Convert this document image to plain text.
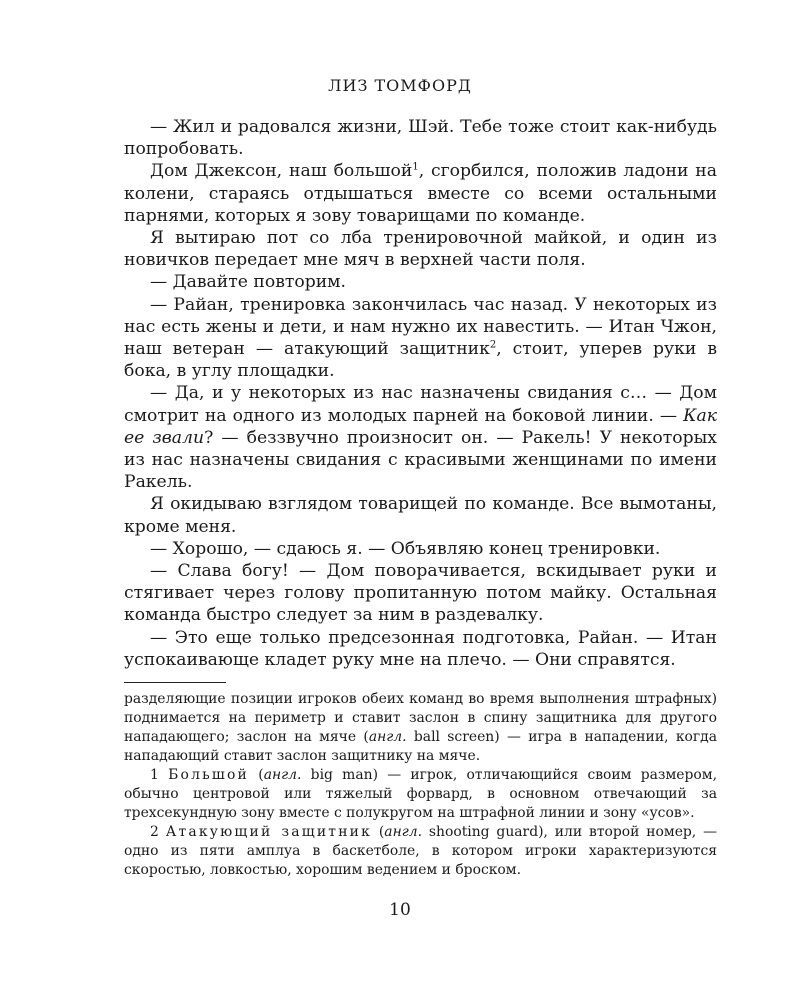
ЛИЗ ТОМФОРД

— Жил и радовался жизни, Шэй. Тебе тоже стоит как-нибудь попробовать.

Дом Джексон, наш большой$^1$, сгорбился, положив ладони на колени, стараясь отдышаться вместе со всеми остальными парнями, которых я зову товарищами по команде.

Я вытираю пот со лба тренировочной майкой, и один из новичков передает мне мяч в верхней части поля.

— Давайте повторим.

— Райан, тренировка закончилась час назад. У некоторых из нас есть жены и дети, и нам нужно их навестить. — Итан Чжон, наш ветеран — атакующий защитник$^2$, стоит, уперев руки в бока, в углу площадки.

— Да, и у некоторых из нас назначены свидания с… — Дом смотрит на одного из молодых парней на боковой линии. — Как ее звали? — беззвучно произносит он. — Ракель! У некоторых из нас назначены свидания с красивыми женщинами по имени Ракель.

Я окидываю взглядом товарищей по команде. Все вымотаны, кроме меня.

— Хорошо, — сдаюсь я. — Объявляю конец тренировки.

— Слава богу! — Дом поворачивается, вскидывает руки и стягивает через голову пропитанную потом майку. Остальная команда быстро следует за ним в раздевалку.

— Это еще только предсезонная подготовка, Райан. — Итан успокаивающе кладет руку мне на плечо. — Они справятся.

разделяющие позиции игроков обеих команд во время выполнения штрафных) поднимается на периметр и ставит заслон в спину защитника для другого нападающего; заслон на мяче (англ. ball screen) — игра в нападении, когда нападающий ставит заслон защитнику на мяче.

1 Большой (англ. big man) — игрок, отличающийся своим размером, обычно центровой или тяжелый форвард, в основном отвечающий за трехсекундную зону вместе с полукругом на штрафной линии и зону «усов».

2 Атакующий защитник (англ. shooting guard), или второй номер, — одно из пяти амплуа в баскетболе, в котором игроки характеризуются скоростью, ловкостью, хорошим ведением и броском.

10
